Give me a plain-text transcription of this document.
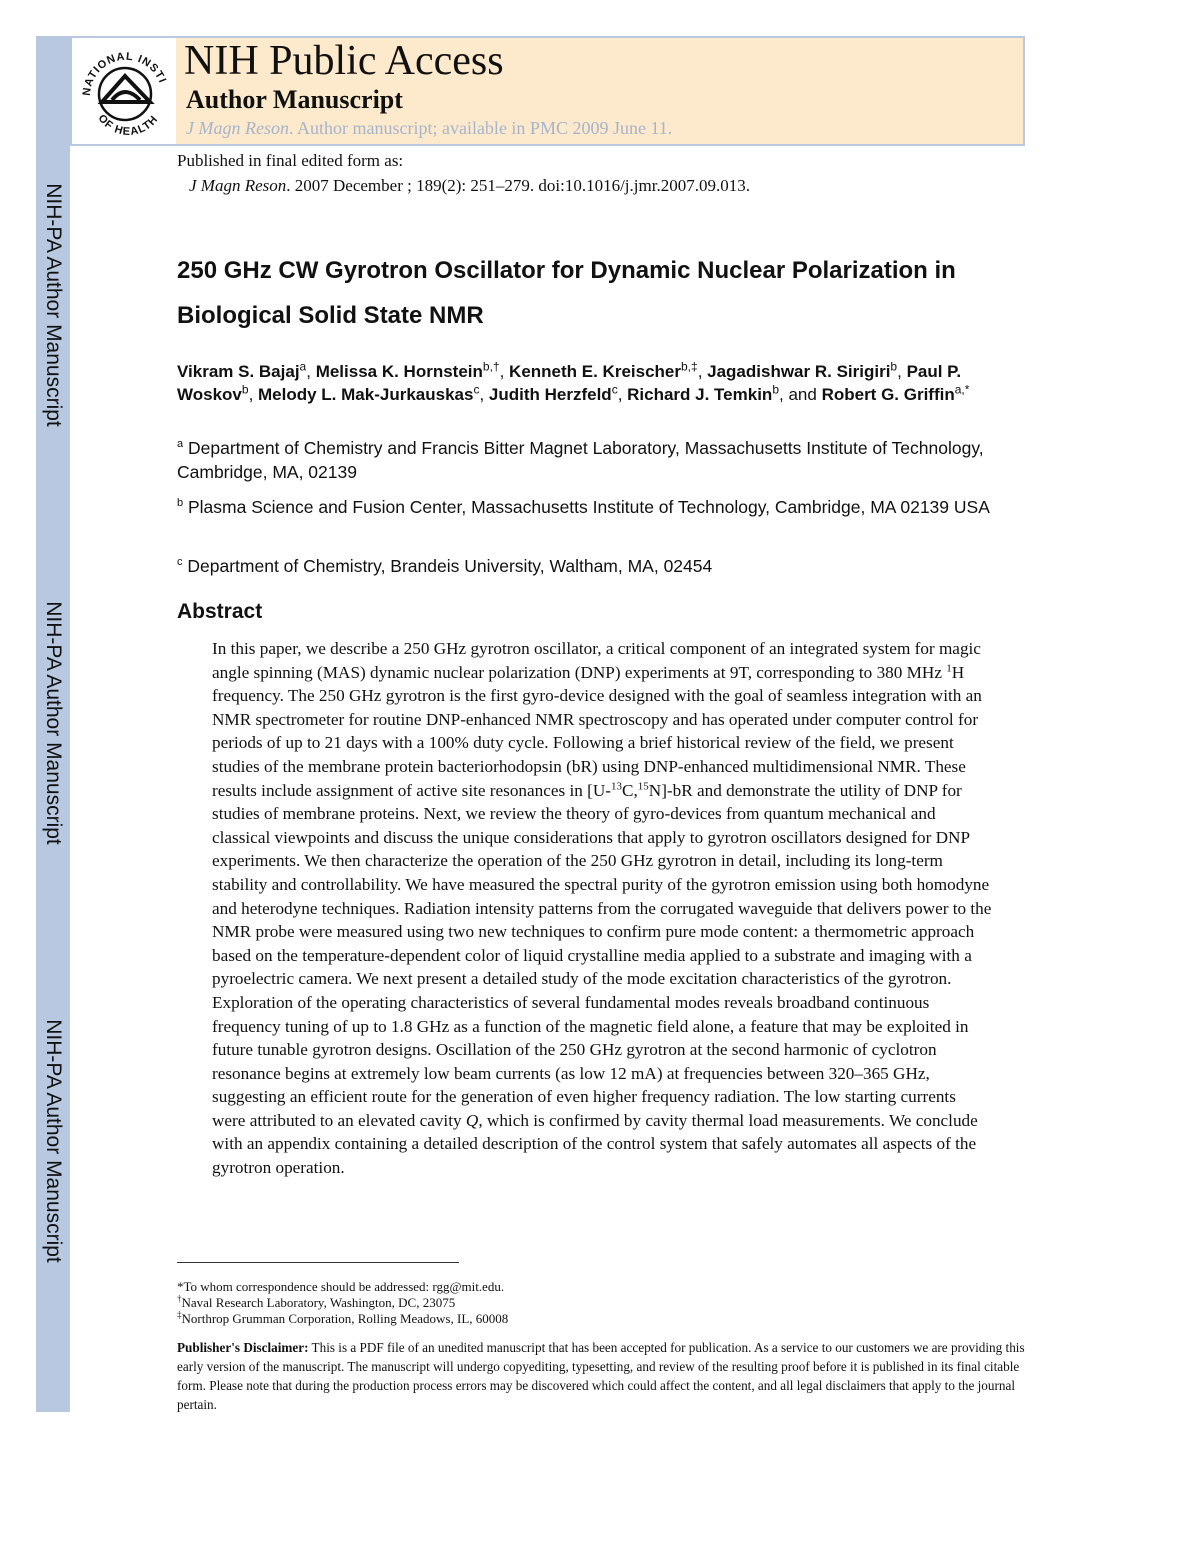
NIH-PA Author Manuscript
NIH-PA Author Manuscript
NIH-PA Author Manuscript
NATIONAL INSTI
OF HEALTH
NIH Public Access
Author Manuscript
J Magn Reson. Author manuscript; available in PMC 2009 June 11.
Published in final edited form as:
J Magn Reson. 2007 December ; 189(2): 251–279. doi:10.1016/j.jmr.2007.09.013.
250 GHz CW Gyrotron Oscillator for Dynamic Nuclear Polarization in Biological Solid State NMR
Vikram S. Bajaj$^a$, Melissa K. Hornstein$^{b,\dagger}$, Kenneth E. Kreischer$^{b,\ddagger}$, Jagadishwar R. Sirigiri$^b$, Paul P. Woskov$^b$, Melody L. Mak-Jurkauskas$^c$, Judith Herzfeld$^c$, Richard J. Temkin$^b$, and Robert G. Griffin$^{a,*}$
$^a$ Department of Chemistry and Francis Bitter Magnet Laboratory, Massachusetts Institute of Technology, Cambridge, MA, 02139
$^b$ Plasma Science and Fusion Center, Massachusetts Institute of Technology, Cambridge, MA 02139 USA
$^c$ Department of Chemistry, Brandeis University, Waltham, MA, 02454
Abstract
In this paper, we describe a 250 GHz gyrotron oscillator, a critical component of an integrated system for magic angle spinning (MAS) dynamic nuclear polarization (DNP) experiments at 9T, corresponding to 380 MHz $^1$H frequency. The 250 GHz gyrotron is the first gyro-device designed with the goal of seamless integration with an NMR spectrometer for routine DNP-enhanced NMR spectroscopy and has operated under computer control for periods of up to 21 days with a 100% duty cycle. Following a brief historical review of the field, we present studies of the membrane protein bacteriorhodopsin (bR) using DNP-enhanced multidimensional NMR. These results include assignment of active site resonances in [U-$^{13}$C,$^{15}$N]-bR and demonstrate the utility of DNP for studies of membrane proteins. Next, we review the theory of gyro-devices from quantum mechanical and classical viewpoints and discuss the unique considerations that apply to gyrotron oscillators designed for DNP experiments. We then characterize the operation of the 250 GHz gyrotron in detail, including its long-term stability and controllability. We have measured the spectral purity of the gyrotron emission using both homodyne and heterodyne techniques. Radiation intensity patterns from the corrugated waveguide that delivers power to the NMR probe were measured using two new techniques to confirm pure mode content: a thermometric approach based on the temperature-dependent color of liquid crystalline media applied to a substrate and imaging with a pyroelectric camera. We next present a detailed study of the mode excitation characteristics of the gyrotron. Exploration of the operating characteristics of several fundamental modes reveals broadband continuous frequency tuning of up to 1.8 GHz as a function of the magnetic field alone, a feature that may be exploited in future tunable gyrotron designs. Oscillation of the 250 GHz gyrotron at the second harmonic of cyclotron resonance begins at extremely low beam currents (as low 12 mA) at frequencies between 320–365 GHz, suggesting an efficient route for the generation of even higher frequency radiation. The low starting currents were attributed to an elevated cavity Q, which is confirmed by cavity thermal load measurements. We conclude with an appendix containing a detailed description of the control system that safely automates all aspects of the gyrotron operation.
*To whom correspondence should be addressed: rgg@mit.edu.
†Naval Research Laboratory, Washington, DC, 23075
‡Northrop Grumman Corporation, Rolling Meadows, IL, 60008
Publisher's Disclaimer: This is a PDF file of an unedited manuscript that has been accepted for publication. As a service to our customers we are providing this early version of the manuscript. The manuscript will undergo copyediting, typesetting, and review of the resulting proof before it is published in its final citable form. Please note that during the production process errors may be discovered which could affect the content, and all legal disclaimers that apply to the journal pertain.
